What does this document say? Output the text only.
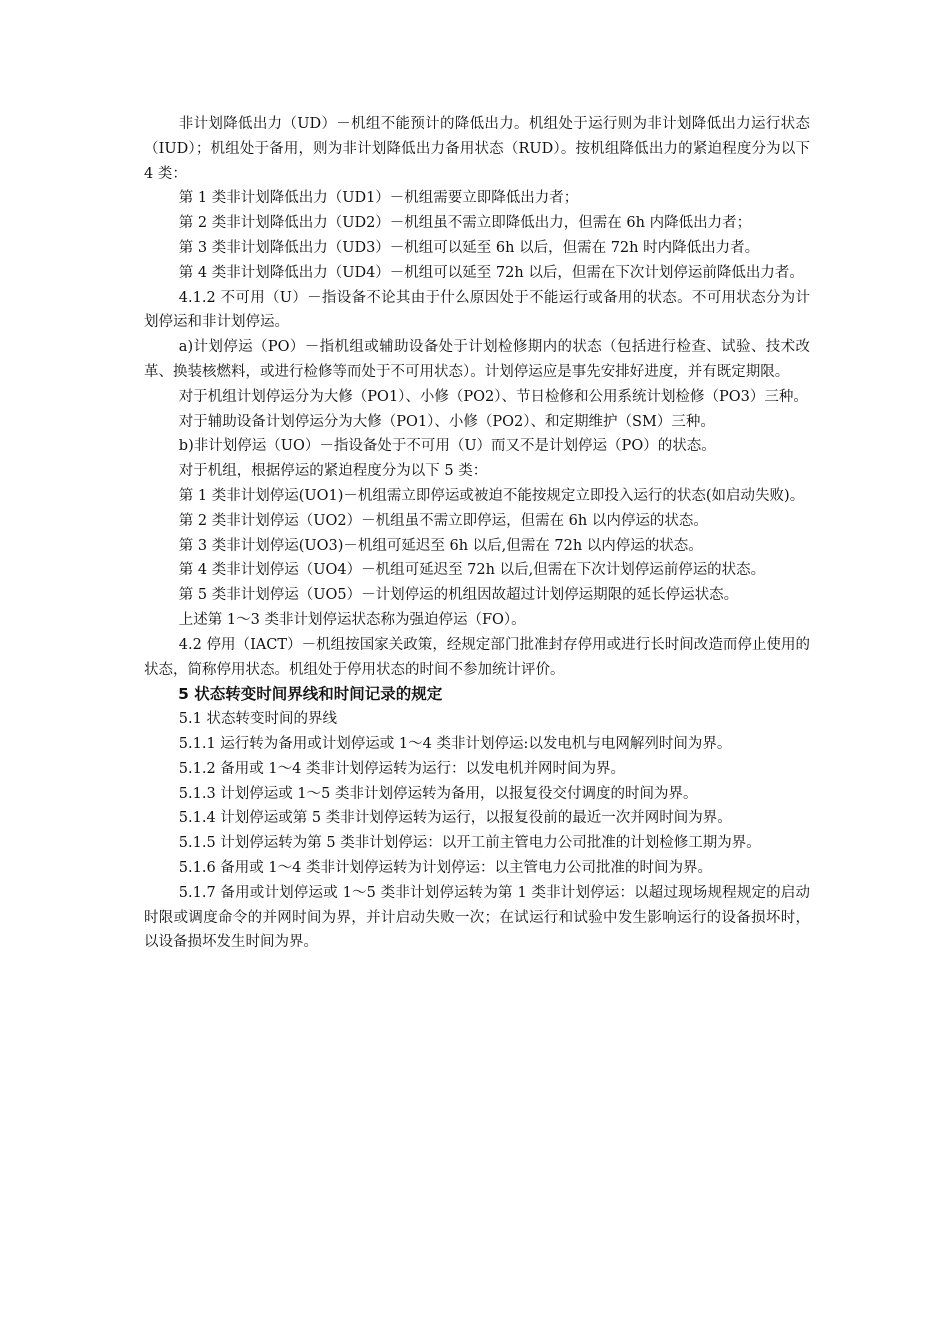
非计划降低出力（UD）－机组不能预计的降低出力。机组处于运行则为非计划降低出力运行状态（IUD）；机组处于备用，则为非计划降低出力备用状态（RUD）。按机组降低出力的紧迫程度分为以下 4 类：

第 1 类非计划降低出力（UD1）－机组需要立即降低出力者；

第 2 类非计划降低出力（UD2）－机组虽不需立即降低出力，但需在 6h 内降低出力者；

第 3 类非计划降低出力（UD3）－机组可以延至 6h 以后，但需在 72h 时内降低出力者。

第 4 类非计划降低出力（UD4）－机组可以延至 72h 以后，但需在下次计划停运前降低出力者。

4.1.2 不可用（U）－指设备不论其由于什么原因处于不能运行或备用的状态。不可用状态分为计划停运和非计划停运。

a)计划停运（PO）－指机组或辅助设备处于计划检修期内的状态（包括进行检查、试验、技术改革、换装核燃料，或进行检修等而处于不可用状态）。计划停运应是事先安排好进度，并有既定期限。

对于机组计划停运分为大修（PO1）、小修（PO2）、节日检修和公用系统计划检修（PO3）三种。

对于辅助设备计划停运分为大修（PO1）、小修（PO2）、和定期维护（SM）三种。

b)非计划停运（UO）－指设备处于不可用（U）而又不是计划停运（PO）的状态。

对于机组，根据停运的紧迫程度分为以下 5 类：

第 1 类非计划停运(UO1)－机组需立即停运或被迫不能按规定立即投入运行的状态(如启动失败)。

第 2 类非计划停运（UO2）－机组虽不需立即停运，但需在 6h 以内停运的状态。

第 3 类非计划停运(UO3)－机组可延迟至 6h 以后,但需在 72h 以内停运的状态。

第 4 类非计划停运（UO4）－机组可延迟至 72h 以后,但需在下次计划停运前停运的状态。

第 5 类非计划停运（UO5）－计划停运的机组因故超过计划停运期限的延长停运状态。

上述第 1～3 类非计划停运状态称为强迫停运（FO）。

4.2 停用（IACT）－机组按国家关政策，经规定部门批准封存停用或进行长时间改造而停止使用的状态，简称停用状态。机组处于停用状态的时间不参加统计评价。

5 状态转变时间界线和时间记录的规定

5.1 状态转变时间的界线

5.1.1 运行转为备用或计划停运或 1～4 类非计划停运:以发电机与电网解列时间为界。

5.1.2 备用或 1～4 类非计划停运转为运行：以发电机并网时间为界。

5.1.3 计划停运或 1～5 类非计划停运转为备用，以报复役交付调度的时间为界。

5.1.4 计划停运或第 5 类非计划停运转为运行，以报复役前的最近一次并网时间为界。

5.1.5 计划停运转为第 5 类非计划停运：以开工前主管电力公司批准的计划检修工期为界。

5.1.6 备用或 1～4 类非计划停运转为计划停运：以主管电力公司批准的时间为界。

5.1.7 备用或计划停运或 1～5 类非计划停运转为第 1 类非计划停运：以超过现场规程规定的启动时限或调度命令的并网时间为界，并计启动失败一次；在试运行和试验中发生影响运行的设备损坏时，以设备损坏发生时间为界。
